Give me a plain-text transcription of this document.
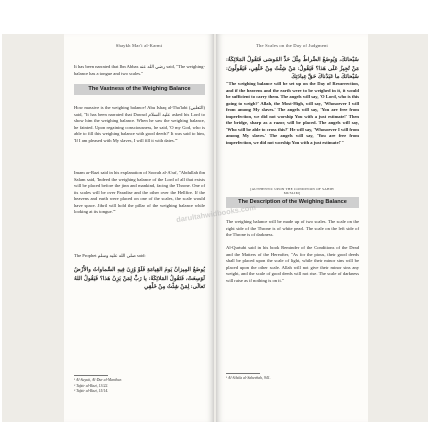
Shaykh Mar'i al-Karmi

It has been narrated that Ibn Abbas رضي الله عنه said, "The weighing-balance has a tongue and two scales."

The Vastness of the Weighing Balance

How massive is the weighing balance! Abu Ishaq al-Tha'labi (الثعلبي) said, "It has been narrated that Dawud عليه السلام asked his Lord to show him the weighing balance. When he saw the weighing balance, he fainted. Upon regaining consciousness, he said, 'O my God, who is able to fill this weighing balance with good deeds?' It was said to him, 'If I am pleased with My slaves, I will fill it with dates.'"

Imam ar-Razi said in his explanation of Soorah al-A'raf, "Abdullah ibn Salam said, 'Indeed the weighing balance of the Lord of all that exists will be placed before the jinn and mankind, facing the Throne. One of its scales will be over Paradise and the other over the Hellfire. If the heavens and earth were placed on one of the scales, the scale would have space. Jibril will hold the pillar of the weighing balance while looking at its tongue.'"

The Prophet صلى الله عليه وسلم said:

يُوضَعُ المِيزانُ يَومَ القِيامَةِ فَلَوْ وُزِنَ فِيهِ السَّماواتُ والأَرْضُ لَوَسِعَتْ، فَتَقُولُ المَلائِكَةُ: يا رَبِّ لِمَنْ يَزِنُ هَذا؟ فَيَقُولُ اللهُ تَعالَى: لِمَنْ شِئْتُ مِنْ خَلْقِي

¹ Al-Suyuti, Al-Dur al-Manthur.
² Tafsir al-Razi, 13/22.
³ Tafsir al-Razi, 15/14.
The Scales on the Day of Judgment

سُبْحانَكَ، وَيُوضَعُ الصِّراطُ مِثْلَ حَدِّ المُوسَى فَتَقُولُ المَلائِكَةُ: مَنْ تُجِيزُ عَلَى هَذا؟ فَيَقُولُ: مَنْ شِئْتُ مِنْ خَلْقِي، فَيَقُولُونَ: سُبْحانَكَ ما عَبَدْناكَ حَقَّ عِبادَتِكَ

"The weighing balance will be set up on the Day of Resurrection, and if the heavens and the earth were to be weighed in it, it would be sufficient to carry them. The angels will say, 'O Lord, who is this going to weigh?' Allah, the Most-High, will say, 'Whosoever I will from among My slaves.' The angels will say, 'You are free from imperfection, we did not worship You with a just estimate!' Then the bridge, sharp as a razor, will be placed. The angels will say, 'Who will be able to cross this?' He will say, 'Whosoever I will from among My slaves.' The angels will say, 'You are free from imperfection, we did not worship You with a just estimate!'"

[AUTHENTIC UPON THE CONDITION OF SAHIH MUSLIM]
The Description of the Weighing Balance

The weighing balance will be made up of two scales. The scale on the right side of the Throne is of white pearl. The scale on the left side of the Throne is of darkness.

Al-Qurtubi said in his book Reminder of the Conditions of the Dead and the Matters of the Hereafter, "As for the pious, their good deeds shall be placed upon the scale of light, while their minor sins will be placed upon the other scale. Allah will not give their minor sins any weight, and the scale of good deeds will not rise. The scale of darkness will raise as if nothing is on it."

¹ Al-Silsila al-Saheehah, 941.

darultahwidbooks.com
